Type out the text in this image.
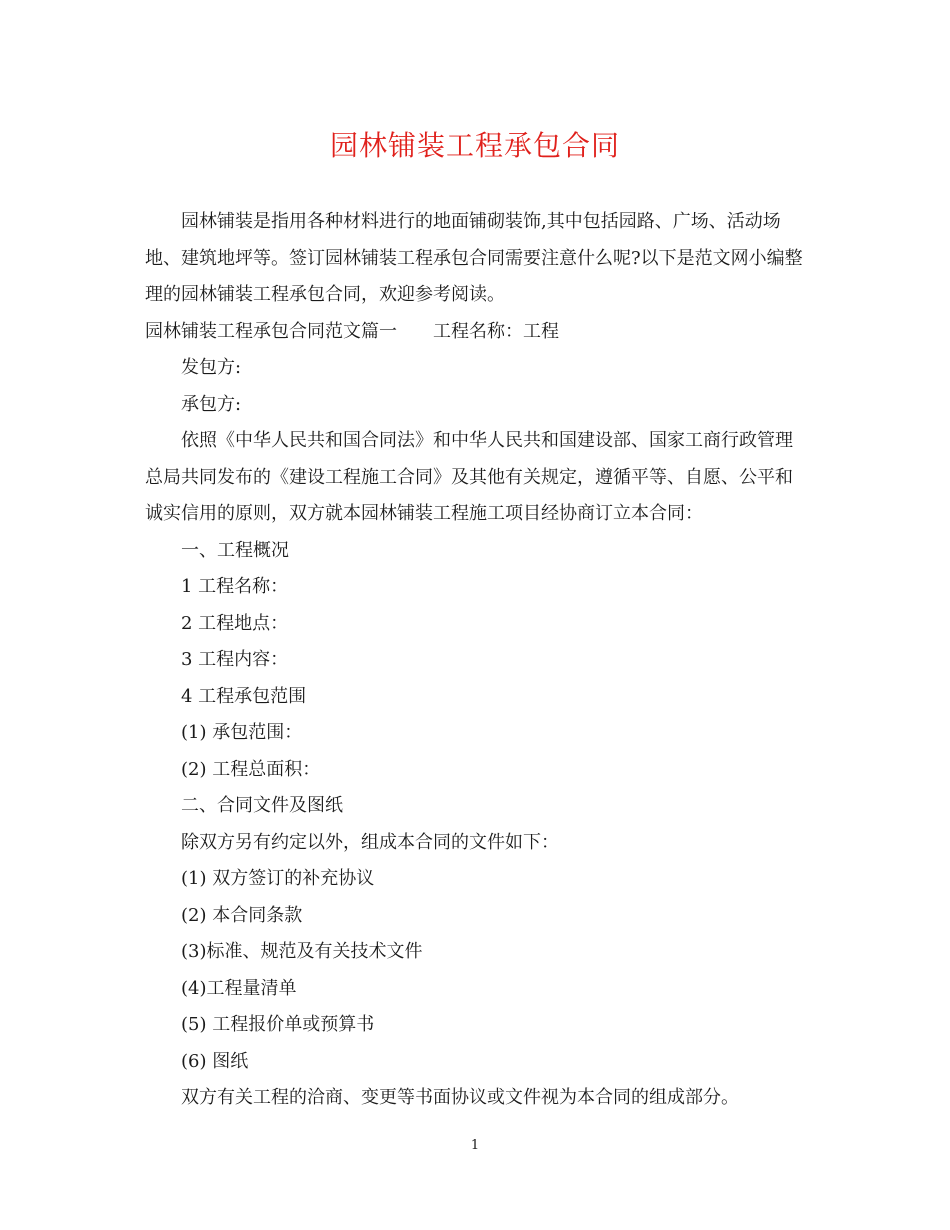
园林铺装工程承包合同

园林铺装是指用各种材料进行的地面铺砌装饰,其中包括园路、广场、活动场地、建筑地坪等。签订园林铺装工程承包合同需要注意什么呢?以下是范文网小编整理的园林铺装工程承包合同，欢迎参考阅读。

园林铺装工程承包合同范文篇一 工程名称：工程

发包方:

承包方:

依照《中华人民共和国合同法》和中华人民共和国建设部、国家工商行政管理总局共同发布的《建设工程施工合同》及其他有关规定，遵循平等、自愿、公平和诚实信用的原则，双方就本园林铺装工程施工项目经协商订立本合同：

一、工程概况

1 工程名称：

2 工程地点：

3 工程内容：

4 工程承包范围

(1) 承包范围：

(2) 工程总面积：

二、合同文件及图纸

除双方另有约定以外，组成本合同的文件如下：

(1) 双方签订的补充协议

(2) 本合同条款

(3)标准、规范及有关技术文件

(4)工程量清单

(5) 工程报价单或预算书

(6) 图纸

双方有关工程的洽商、变更等书面协议或文件视为本合同的组成部分。

1
